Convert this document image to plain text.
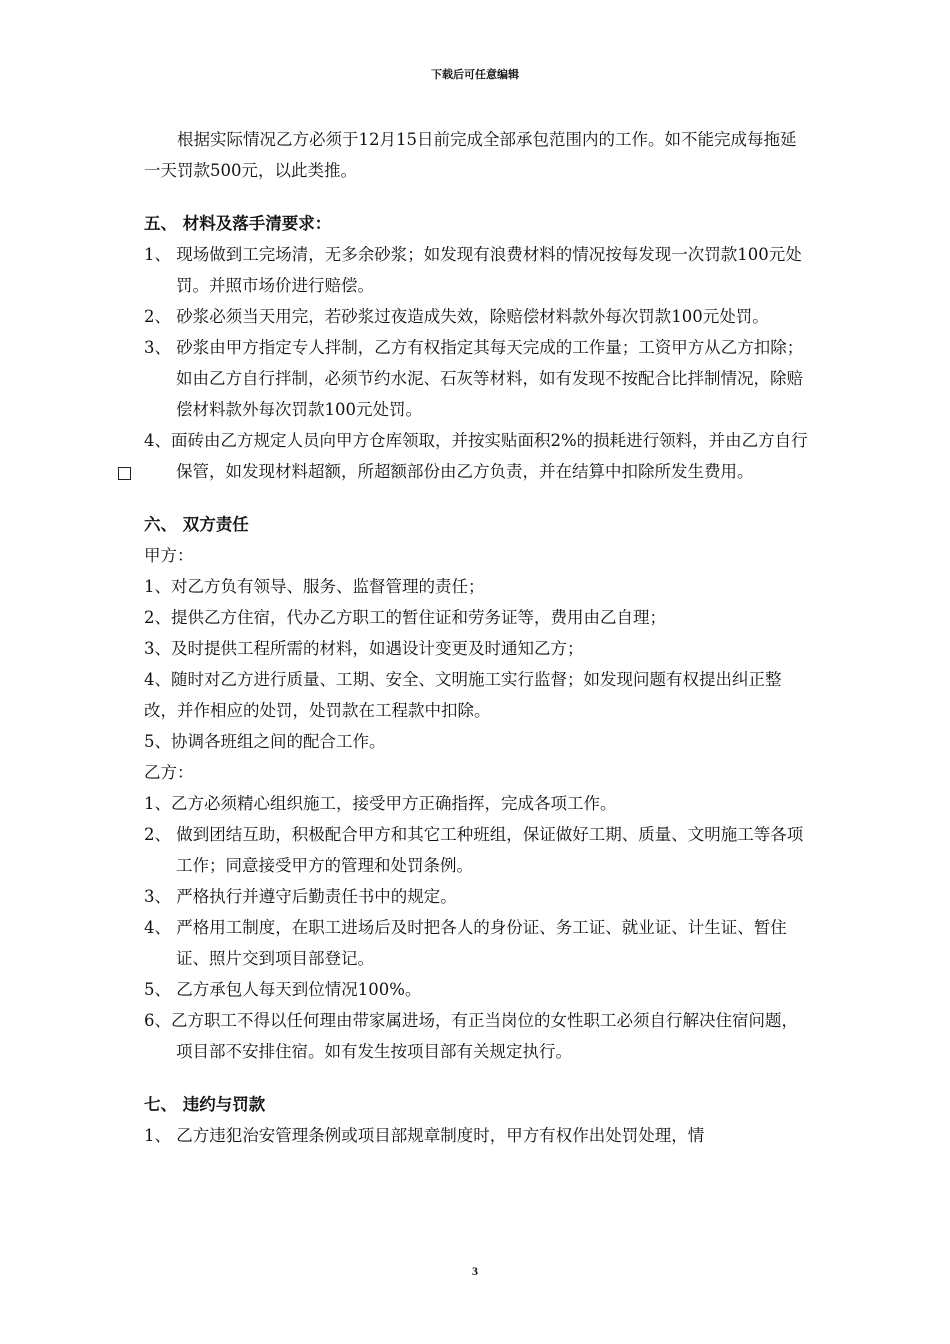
下载后可任意编辑

根据实际情况乙方必须于12月15日前完成全部承包范围内的工作。如不能完成每拖延一天罚款500元，以此类推。

五、 材料及落手清要求：

1、 现场做到工完场清，无多余砂浆；如发现有浪费材料的情况按每发现一次罚款100元处罚。并照市场价进行赔偿。

2、 砂浆必须当天用完，若砂浆过夜造成失效，除赔偿材料款外每次罚款100元处罚。

3、 砂浆由甲方指定专人拌制，乙方有权指定其每天完成的工作量；工资甲方从乙方扣除；如由乙方自行拌制，必须节约水泥、石灰等材料，如有发现不按配合比拌制情况，除赔偿材料款外每次罚款100元处罚。

4、面砖由乙方规定人员向甲方仓库领取，并按实贴面积2%的损耗进行领料，并由乙方自行保管，如发现材料超额，所超额部份由乙方负责，并在结算中扣除所发生费用。

六、 双方责任

甲方：

1、对乙方负有领导、服务、监督管理的责任；

2、提供乙方住宿，代办乙方职工的暂住证和劳务证等，费用由乙自理；

3、及时提供工程所需的材料，如遇设计变更及时通知乙方；

4、随时对乙方进行质量、工期、安全、文明施工实行监督；如发现问题有权提出纠正整改，并作相应的处罚，处罚款在工程款中扣除。

5、协调各班组之间的配合工作。

乙方：

1、乙方必须精心组织施工，接受甲方正确指挥，完成各项工作。

2、 做到团结互助，积极配合甲方和其它工种班组，保证做好工期、质量、文明施工等各项工作；同意接受甲方的管理和处罚条例。

3、 严格执行并遵守后勤责任书中的规定。

4、 严格用工制度，在职工进场后及时把各人的身份证、务工证、就业证、计生证、暂住证、照片交到项目部登记。

5、 乙方承包人每天到位情况100%。

6、乙方职工不得以任何理由带家属进场，有正当岗位的女性职工必须自行解决住宿问题，项目部不安排住宿。如有发生按项目部有关规定执行。

七、 违约与罚款

1、 乙方违犯治安管理条例或项目部规章制度时，甲方有权作出处罚处理，情

3
